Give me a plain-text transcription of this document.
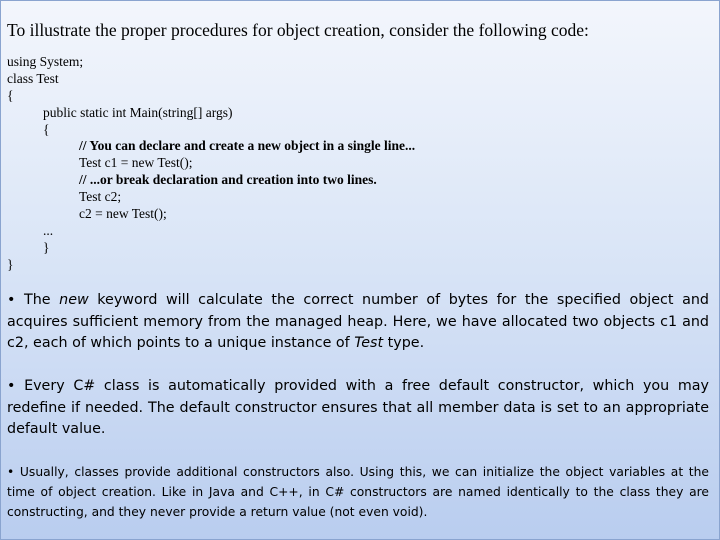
To illustrate the proper procedures for object creation, consider the following code:
using System;
class Test
{
public static int Main(string[] args)
{
// You can declare and create a new object in a single line...
Test c1 = new Test();
// ...or break declaration and creation into two lines.
Test c2;
c2 = new Test();
...
}
}
• The new keyword will calculate the correct number of bytes for the specified object and acquires sufficient memory from the managed heap. Here, we have allocated two objects c1 and c2, each of which points to a unique instance of Test type.
• Every C# class is automatically provided with a free default constructor, which you may redefine if needed. The default constructor ensures that all member data is set to an appropriate default value.
• Usually, classes provide additional constructors also. Using this, we can initialize the object variables at the time of object creation. Like in Java and C++, in C# constructors are named identically to the class they are constructing, and they never provide a return value (not even void).
